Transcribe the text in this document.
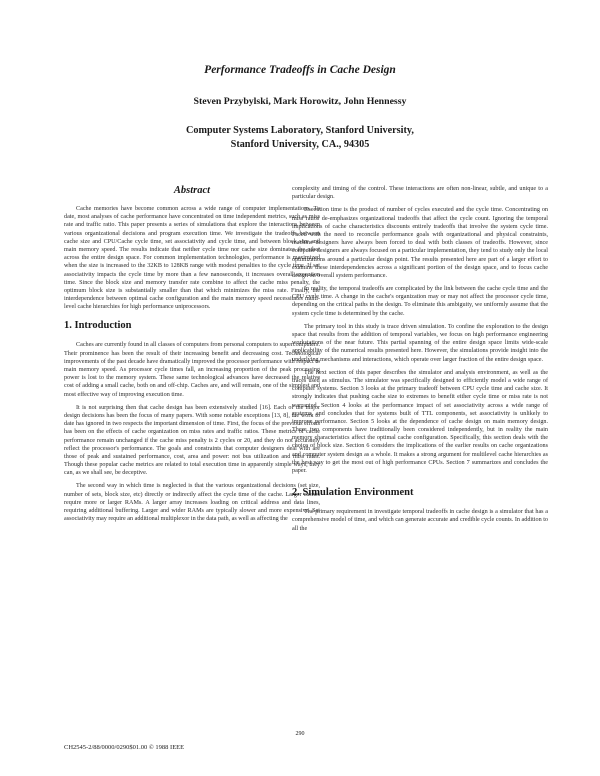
Performance Tradeoffs in Cache Design
Steven Przybylski, Mark Horowitz, John Hennessy
Computer Systems Laboratory, Stanford University,
Stanford University, CA., 94305
Abstract

Cache memories have become common across a wide range of computer implementations. To date, most analyses of cache performance have concentrated on time independent metrics, such as miss rate and traffic ratio. This paper presents a series of simulations that explore the interactions between various organizational decisions and program execution time. We investigate the tradeoffs between cache size and CPU/Cache cycle time, set associativity and cycle time, and between block size and main memory speed. The results indicate that neither cycle time nor cache size dominates the other across the entire design space. For common implementation technologies, performance is maximized when the size is increased to the 32KB to 128KB range with modest penalties to the cycle time. If set associativity impacts the cycle time by more than a few nanoseconds, it increases overall execution time. Since the block size and memory transfer rate combine to affect the cache miss penalty, the optimum block size is substantially smaller than that which minimizes the miss rate. Finally, the interdependence between optimal cache configuration and the main memory speed necessitates multi-level cache hierarchies for high performance uniprocessors.

1. Introduction

Caches are currently found in all classes of computers from personal computers to supercomputers. Their prominence has been the result of their increasing benefit and decreasing cost. Technological improvements of the past decade have dramatically improved the processor performance with respect to main memory speed. As processor cycle times fall, an increasing proportion of the peak processing power is lost to the memory system. These same technological advances have decreased the relative cost of adding a small cache, both on and off-chip. Caches are, and will remain, one of the simplest and most effective way of improving execution time.

It is not surprising then that cache design has been extensively studied [16]. Each of the major design decisions has been the focus of many papers. With some notable exceptions [13, 8], the work to date has ignored in two respects the important dimension of time. First, the focus of the previous efforts has been on the effects of cache organization on miss rates and traffic ratios. These metrics of cache performance remain unchanged if the cache miss penalty is 2 cycles or 20, and they do not accurately reflect the processor's performance. The goals and constraints that computer designers deal with are those of peak and sustained performance, cost, area and power: not bus utilization and miss rates. Though these popular cache metrics are related to total execution time in apparently simple ways, they can, as we shall see, be deceptive.

The second way in which time is neglected is that the various organizational decisions (set size, number of sets, block size, etc) directly or indirectly affect the cycle time of the cache. Larger caches require more or larger RAMs. A larger array increases loading on critical address and data lines, requiring additional buffering. Larger and wider RAMs are typically slower and more expensive. Set associativity may require an additional multiplexor in the data path, as well as affecting the

complexity and timing of the control. These interactions are often non-linear, subtle, and unique to a particular design.

Execution time is the product of number of cycles executed and the cycle time. Concentrating on miss ratios de-emphasizes organizational tradeoffs that affect the cycle count. Ignoring the temporal implications of cache characteristics discounts entirely tradeoffs that involve the system cycle time. Faced with the need to reconcile performance goals with organizational and physical constraints, machine designers have always been forced to deal with both classes of tradeoffs. However, since computer designers are always focused on a particular implementation, they tend to study only the local optimizations around a particular design point. The results presented here are part of a larger effort to examine these interdependencies across a significant portion of the design space, and to focus cache design on overall system performance.

In reality, the temporal tradeoffs are complicated by the link between the cache cycle time and the CPU cycle time. A change in the cache's organization may or may not affect the processor cycle time, depending on the critical paths in the design. To eliminate this ambiguity, we uniformly assume that the system cycle time is determined by the cache.

The primary tool in this study is trace driven simulation. To confine the exploration to the design space that results from the addition of temporal variables, we focus on high performance engineering workstations of the near future. This partial spanning of the entire design space limits wide-scale applicability of the numerical results presented here. However, the simulations provide insight into the underlying mechanisms and interactions, which operate over larger fraction of the entire design space.

The next section of this paper describes the simulator and analysis environment, as well as the traces used as stimulus. The simulator was specifically designed to efficiently model a wide range of computer systems. Section 3 looks at the primary tradeoff between CPU cycle time and cache size. It strongly indicates that pushing cache size to extremes to benefit either cycle time or miss rate is not warranted. Section 4 looks at the performance impact of set associativity across a wide range of systems, and concludes that for systems built of TTL components, set associativity is unlikely to improve performance. Section 5 looks at the dependence of cache design on main memory design. These two components have traditionally been considered independently, but in reality the main memory characteristics affect the optimal cache configuration. Specifically, this section deals with the choice of block size. Section 6 considers the implications of the earlier results on cache organizations and computer system design as a whole. It makes a strong argument for multilevel cache hierarchies as the best way to get the most out of high performance CPUs. Section 7 summarizes and concludes the paper.

2. Simulation Environment

The primary requirement in investigate temporal tradeoffs in cache design is a simulator that has a comprehensive model of time, and which can generate accurate and credible cycle counts. In addition to all the

290
CH2545-2/88/0000/0290$01.00 © 1988 IEEE
